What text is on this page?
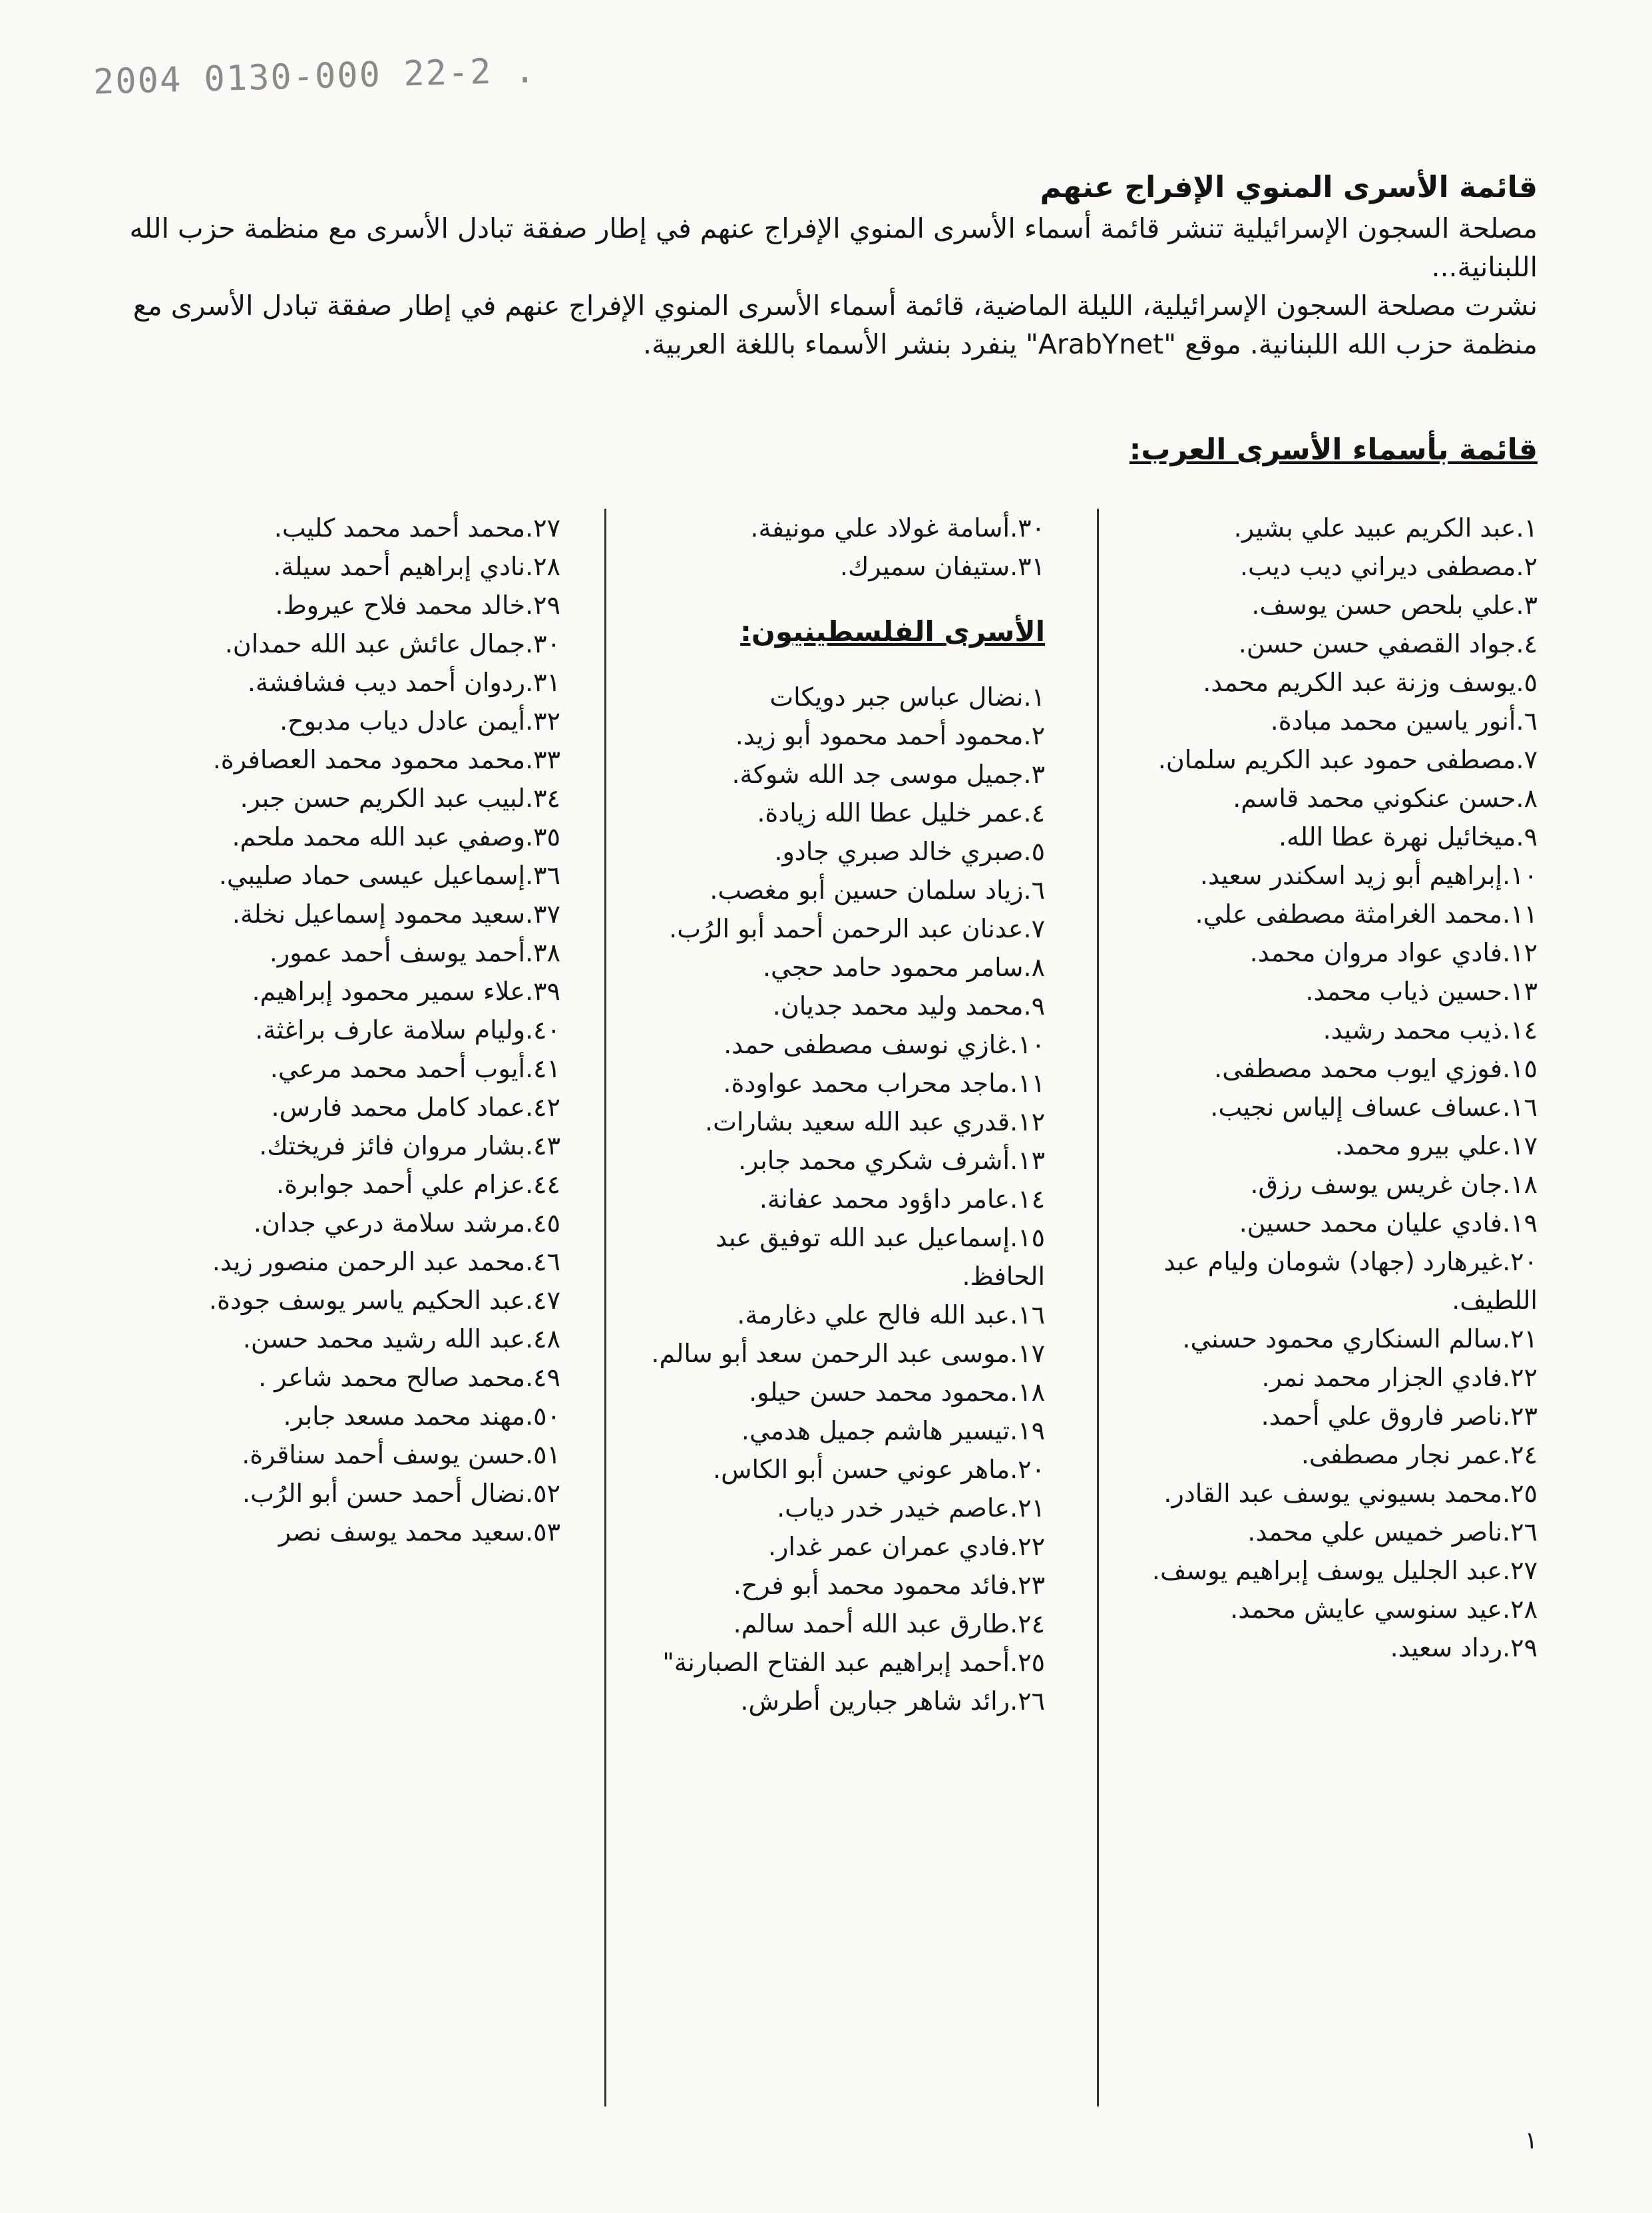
2004 0130-000 22-2 .
قائمة الأسرى المنوي الإفراج عنهم

مصلحة السجون الإسرائيلية تنشر قائمة أسماء الأسرى المنوي الإفراج عنهم في إطار صفقة تبادل الأسرى مع منظمة حزب الله اللبنانية...

نشرت مصلحة السجون الإسرائيلية، الليلة الماضية، قائمة أسماء الأسرى المنوي الإفراج عنهم في إطار صفقة تبادل الأسرى مع منظمة حزب الله اللبنانية. موقع "ArabYnet" ينفرد بنشر الأسماء باللغة العربية.

قائمة بأسماء الأسرى العرب:
١.عبد الكريم عبيد علي بشير.
٢.مصطفى ديراني ديب ديب.
٣.علي بلحص حسن يوسف.
٤.جواد القصفي حسن حسن.
٥.يوسف وزنة عبد الكريم محمد.
٦.أنور ياسين محمد مبادة.
٧.مصطفى حمود عبد الكريم سلمان.
٨.حسن عنكوني محمد قاسم.
٩.ميخائيل نهرة عطا الله.
١٠.إبراهيم أبو زيد اسكندر سعيد.
١١.محمد الغرامثة مصطفى علي.
١٢.فادي عواد مروان محمد.
١٣.حسين ذياب محمد.
١٤.ذيب محمد رشيد.
١٥.فوزي ايوب محمد مصطفى.
١٦.عساف عساف إلياس نجيب.
١٧.علي بيرو محمد.
١٨.جان غريس يوسف رزق.
١٩.فادي عليان محمد حسين.
٢٠.غيرهارد (جهاد) شومان وليام عبد اللطيف.
٢١.سالم السنكاري محمود حسني.
٢٢.فادي الجزار محمد نمر.
٢٣.ناصر فاروق علي أحمد.
٢٤.عمر نجار مصطفى.
٢٥.محمد بسيوني يوسف عبد القادر.
٢٦.ناصر خميس علي محمد.
٢٧.عبد الجليل يوسف إبراهيم يوسف.
٢٨.عيد سنوسي عايش محمد.
٢٩.رداد سعيد.
٣٠.أسامة غولاد علي مونيفة.
٣١.ستيفان سميرك.
الأسرى الفلسطينيون:
١.نضال عباس جبر دويكات
٢.محمود أحمد محمود أبو زيد.
٣.جميل موسى جد الله شوكة.
٤.عمر خليل عطا الله زيادة.
٥.صبري خالد صبري جادو.
٦.زياد سلمان حسين أبو مغصب.
٧.عدنان عبد الرحمن أحمد أبو الرُب.
٨.سامر محمود حامد حجي.
٩.محمد وليد محمد جديان.
١٠.غازي نوسف مصطفى حمد.
١١.ماجد محراب محمد عواودة.
١٢.قدري عبد الله سعيد بشارات.
١٣.أشرف شكري محمد جابر.
١٤.عامر داؤود محمد عفانة.
١٥.إسماعيل عبد الله توفيق عبد الحافظ.
١٦.عبد الله فالح علي دغارمة.
١٧.موسى عبد الرحمن سعد أبو سالم.
١٨.محمود محمد حسن حيلو.
١٩.تيسير هاشم جميل هدمي.
٢٠.ماهر عوني حسن أبو الكاس.
٢١.عاصم خيدر خدر دياب.
٢٢.فادي عمران عمر غدار.
٢٣.فائد محمود محمد أبو فرح.
٢٤.طارق عبد الله أحمد سالم.
٢٥.أحمد إبراهيم عبد الفتاح الصبارنة"
٢٦.رائد شاهر جبارين أطرش.
٢٧.محمد أحمد محمد كليب.
٢٨.نادي إبراهيم أحمد سيلة.
٢٩.خالد محمد فلاح عيروط.
٣٠.جمال عائش عبد الله حمدان.
٣١.ردوان أحمد ديب فشافشة.
٣٢.أيمن عادل دياب مدبوح.
٣٣.محمد محمود محمد العصافرة.
٣٤.لبيب عبد الكريم حسن جبر.
٣٥.وصفي عبد الله محمد ملحم.
٣٦.إسماعيل عيسى حماد صليبي.
٣٧.سعيد محمود إسماعيل نخلة.
٣٨.أحمد يوسف أحمد عمور.
٣٩.علاء سمير محمود إبراهيم.
٤٠.وليام سلامة عارف براغثة.
٤١.أيوب أحمد محمد مرعي.
٤٢.عماد كامل محمد فارس.
٤٣.بشار مروان فائز فريختك.
٤٤.عزام علي أحمد جوابرة.
٤٥.مرشد سلامة درعي جدان.
٤٦.محمد عبد الرحمن منصور زيد.
٤٧.عبد الحكيم ياسر يوسف جودة.
٤٨.عبد الله رشيد محمد حسن.
٤٩.محمد صالح محمد شاعر .
٥٠.مهند محمد مسعد جابر.
٥١.حسن يوسف أحمد سناقرة.
٥٢.نضال أحمد حسن أبو الرُب.
٥٣.سعيد محمد يوسف نصر
١
